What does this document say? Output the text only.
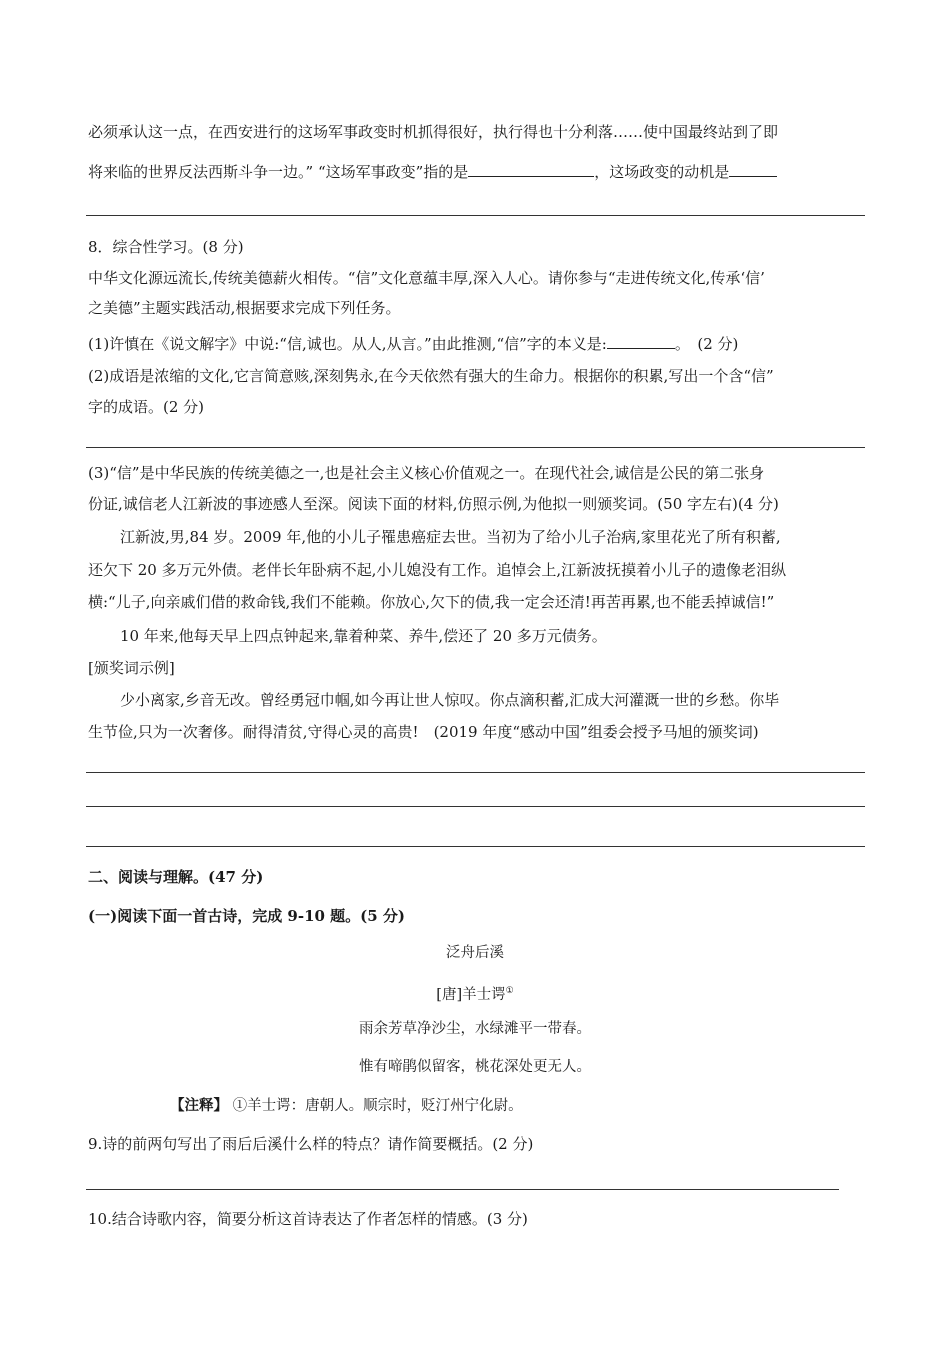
必须承认这一点，在西安进行的这场军事政变时机抓得很好，执行得也十分利落……使中国最终站到了即
将来临的世界反法西斯斗争一边。” “这场军事政变”指的是	，这场政变的动机是
8．综合性学习。(8 分)
中华文化源远流长,传统美德薪火相传。“信”文化意蕴丰厚,深入人心。请你参与“走进传统文化,传承‘信’
之美德”主题实践活动,根据要求完成下列任务。
(1)许慎在《说文解字》中说:“信,诚也。从人,从言。”由此推测,“信”字的本义是:	。　(2 分)
(2)成语是浓缩的文化,它言简意赅,深刻隽永,在今天依然有强大的生命力。根据你的积累,写出一个含“信”
字的成语。(2 分)
(3)“信”是中华民族的传统美德之一,也是社会主义核心价值观之一。在现代社会,诚信是公民的第二张身
份证,诚信老人江新波的事迹感人至深。阅读下面的材料,仿照示例,为他拟一则颁奖词。(50 字左右)(4 分)
江新波,男,84 岁。2009 年,他的小儿子罹患癌症去世。当初为了给小儿子治病,家里花光了所有积蓄,
还欠下 20 多万元外债。老伴长年卧病不起,小儿媳没有工作。追悼会上,江新波抚摸着小儿子的遗像老泪纵
横:“儿子,向亲戚们借的救命钱,我们不能赖。你放心,欠下的债,我一定会还清!再苦再累,也不能丢掉诚信!”
10 年来,他每天早上四点钟起来,靠着种菜、养牛,偿还了 20 多万元债务。
[颁奖词示例]
少小离家,乡音无改。曾经勇冠巾帼,如今再让世人惊叹。你点滴积蓄,汇成大河灌溉一世的乡愁。你毕
生节俭,只为一次奢侈。耐得清贫,守得心灵的高贵!　(2019 年度“感动中国”组委会授予马旭的颁奖词)
二、阅读与理解。(47 分)
(一)阅读下面一首古诗，完成 9-10 题。(5 分)
泛舟后溪
[唐]羊士谔①
雨余芳草净沙尘，水绿滩平一带春。
惟有啼鹃似留客，桃花深处更无人。
【注释】 ①羊士谔：唐朝人。顺宗时，贬汀州宁化尉。
9.诗的前两句写出了雨后后溪什么样的特点？请作简要概括。(2 分)
10.结合诗歌内容，简要分析这首诗表达了作者怎样的情感。(3 分)
